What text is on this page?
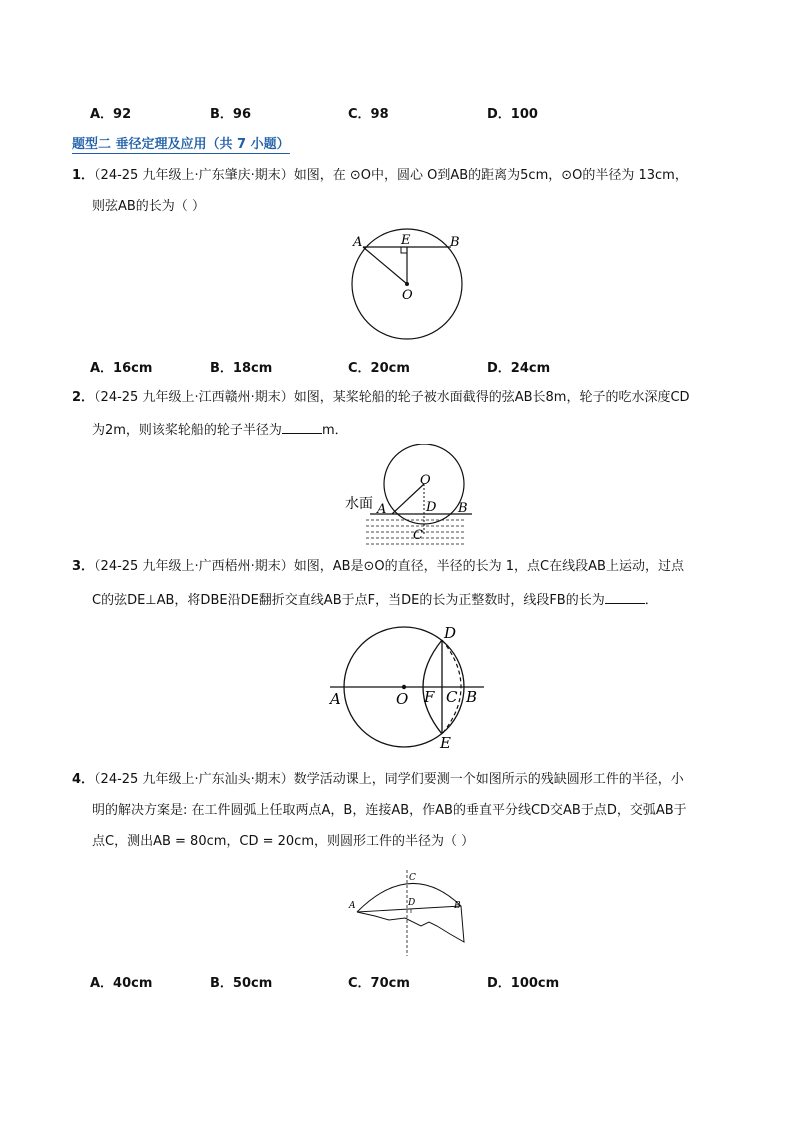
A．92	B．96	C．98	D．100
题型二 垂径定理及应用（共 7 小题）
1．（24-25 九年级上·广东肇庆·期末）如图，在 ⊙O中，圆心 O到AB的距离为5cm，⊙O的半径为 13cm，
则弦AB的长为（ ）
A	E	B
O
A．16cm	B．18cm	C．20cm	D．24cm
2．（24-25 九年级上·江西赣州·期末）如图，某桨轮船的轮子被水面截得的弦AB长8m，轮子的吃水深度CD
为2m，则该桨轮船的轮子半径为	m．
O
水面 A	D B
C
3．（24-25 九年级上·广西梧州·期末）如图，AB是⊙O的直径，半径的长为 1，点C在线段AB上运动，过点
C的弦DE⊥AB，将DBE沿DE翻折交直线AB于点F，当DE的长为正整数时，线段FB的长为	．
A	O F C B
D
E
4．（24-25 九年级上·广东汕头·期末）数学活动课上，同学们要测一个如图所示的残缺圆形工件的半径，小
明的解决方案是: 在工件圆弧上任取两点A，B，连接AB，作AB的垂直平分线CD交AB于点D，交弧AB于
点C，测出AB = 80cm，CD = 20cm，则圆形工件的半径为（ ）
A
C
D	B
A．40cm	B．50cm	C．70cm	D．100cm
